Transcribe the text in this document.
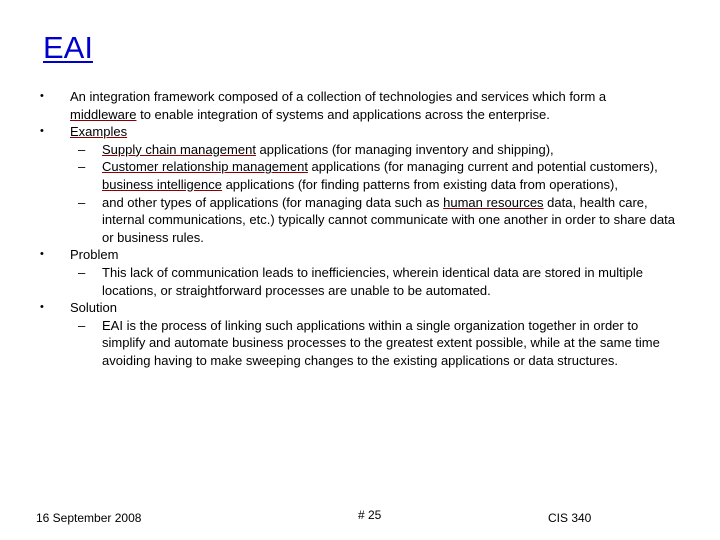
EAI

• An integration framework composed of a collection of technologies and services which form a middleware to enable integration of systems and applications across the enterprise.

• Examples

– Supply chain management applications (for managing inventory and shipping),

– Customer relationship management applications (for managing current and potential customers), business intelligence applications (for finding patterns from existing data from operations),

– and other types of applications (for managing data such as human resources data, health care, internal communications, etc.) typically cannot communicate with one another in order to share data or business rules.

• Problem

– This lack of communication leads to inefficiencies, wherein identical data are stored in multiple locations, or straightforward processes are unable to be automated.

• Solution

– EAI is the process of linking such applications within a single organization together in order to simplify and automate business processes to the greatest extent possible, while at the same time avoiding having to make sweeping changes to the existing applications or data structures.

16 September 2008	# 25	CIS 340
